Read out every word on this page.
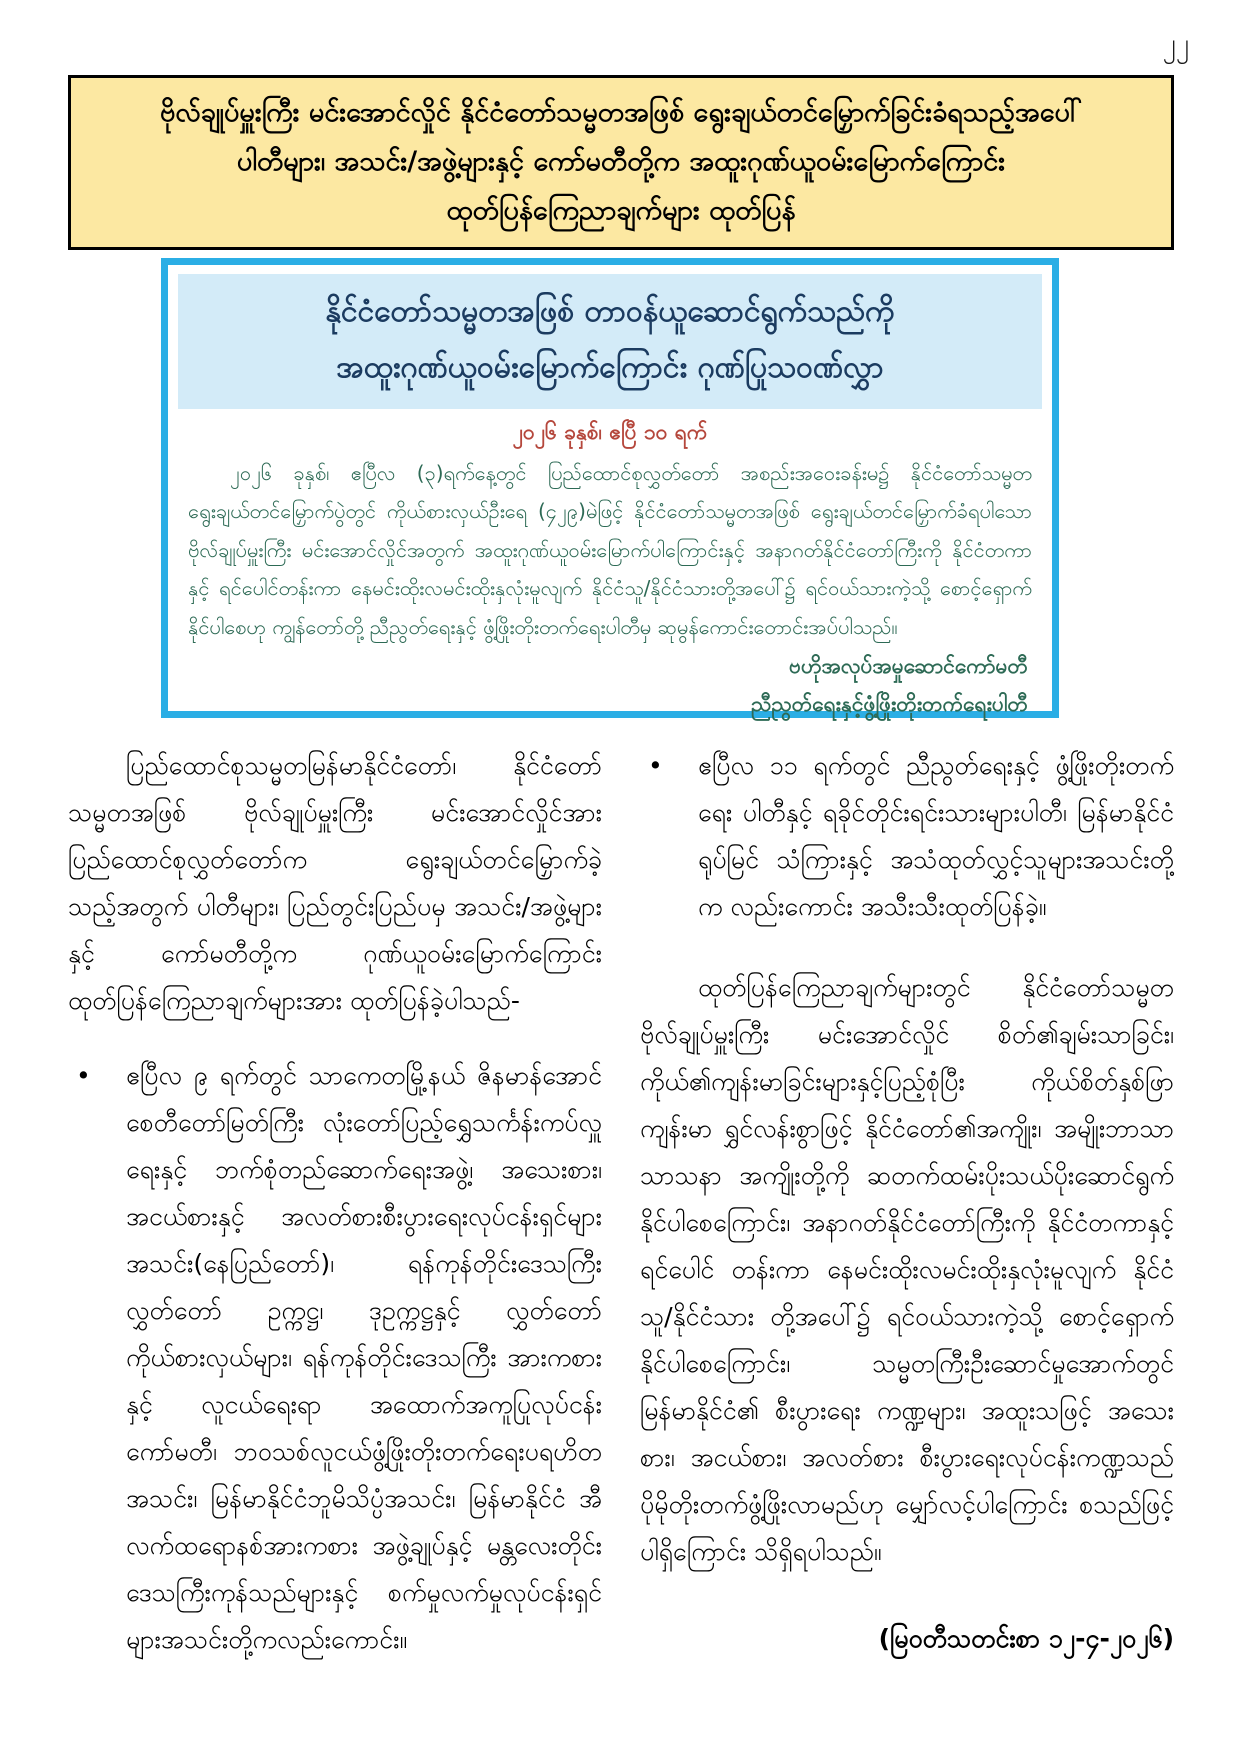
၂၂
ဗိုလ်ချုပ်မှူးကြီး မင်းအောင်လှိုင် နိုင်ငံတော်သမ္မတအဖြစ် ရွေးချယ်တင်မြှောက်ခြင်းခံရသည့်အပေါ်
ပါတီများ၊ အသင်း/အဖွဲ့များနှင့် ကော်မတီတို့က အထူးဂုဏ်ယူဝမ်းမြောက်ကြောင်း
ထုတ်ပြန်ကြေညာချက်များ ထုတ်ပြန်
နိုင်ငံတော်သမ္မတအဖြစ် တာဝန်ယူဆောင်ရွက်သည်ကို
အထူးဂုဏ်ယူဝမ်းမြောက်ကြောင်း ဂုဏ်ပြုသဝဏ်လွှာ
၂၀၂၆ ခုနှစ်၊ ဧပြီ ၁၀ ရက်
၂၀၂၆ ခုနှစ်၊ ဧပြီလ (၃)ရက်နေ့တွင် ပြည်ထောင်စုလွှတ်တော် အစည်းအဝေးခန်းမ၌ နိုင်ငံတော်သမ္မတ ရွေးချယ်တင်မြှောက်ပွဲတွင် ကိုယ်စားလှယ်ဦးရေ (၄၂၉)မဲဖြင့် နိုင်ငံတော်သမ္မတအဖြစ် ရွေးချယ်တင်မြှောက်ခံရပါသော ဗိုလ်ချုပ်မှူးကြီး မင်းအောင်လှိုင်အတွက် အထူးဂုဏ်ယူဝမ်းမြောက်ပါကြောင်းနှင့် အနာဂတ်နိုင်ငံတော်ကြီးကို နိုင်ငံတကာနှင့် ရင်ပေါင်တန်းကာ နေမင်းထိုးလမင်းထိုးနှလုံးမူလျက် နိုင်ငံသူ/နိုင်ငံသားတို့အပေါ်၌ ရင်ဝယ်သားကဲ့သို့ စောင့်ရှောက်နိုင်ပါစေဟု ကျွန်တော်တို့ ညီညွတ်ရေးနှင့် ဖွံ့ဖြိုးတိုးတက်ရေးပါတီမှ ဆုမွန်ကောင်းတောင်းအပ်ပါသည်။
ဗဟိုအလုပ်အမှုဆောင်ကော်မတီ
ညီညွတ်ရေးနှင့်ဖွံ့ဖြိုးတိုးတက်ရေးပါတီ

ပြည်ထောင်စုသမ္မတမြန်မာနိုင်ငံတော်၊ နိုင်ငံတော်သမ္မတအဖြစ် ဗိုလ်ချုပ်မှူးကြီး မင်းအောင်လှိုင်အား ပြည်ထောင်စုလွှတ်တော်က ရွေးချယ်တင်မြှောက်ခဲ့သည့်အတွက် ပါတီများ၊ ပြည်တွင်းပြည်ပမှ အသင်း/အဖွဲ့များနှင့် ကော်မတီတို့က ဂုဏ်ယူဝမ်းမြောက်ကြောင်း ထုတ်ပြန်ကြေညာချက်များအား ထုတ်ပြန်ခဲ့ပါသည်-

•	ဧပြီလ ၉ ရက်တွင် သာကေတမြို့နယ် ဇိနမာန်အောင် စေတီတော်မြတ်ကြီး လုံးတော်ပြည့်ရွှေသင်္ကန်းကပ်လှူရေးနှင့် ဘက်စုံတည်ဆောက်ရေးအဖွဲ့၊ အသေးစား၊ အငယ်စားနှင့် အလတ်စားစီးပွားရေးလုပ်ငန်းရှင်များ အသင်း(နေပြည်တော်)၊ ရန်ကုန်တိုင်းဒေသကြီးလွှတ်တော် ဥက္ကဋ္ဌ၊ ဒုဥက္ကဋ္ဌနှင့် လွှတ်တော်ကိုယ်စားလှယ်များ၊ ရန်ကုန်တိုင်းဒေသကြီး အားကစားနှင့် လူငယ်ရေးရာ အထောက်အကူပြုလုပ်ငန်းကော်မတီ၊ ဘဝသစ်လူငယ်ဖွံ့ဖြိုးတိုးတက်ရေးပရဟိတအသင်း၊ မြန်မာနိုင်ငံဘူမိသိပ္ပံအသင်း၊ မြန်မာနိုင်ငံ အီလက်ထရောနစ်အားကစား အဖွဲ့ချုပ်နှင့် မန္တလေးတိုင်းဒေသကြီးကုန်သည်များနှင့် စက်မှုလက်မှုလုပ်ငန်းရှင်များအသင်းတို့ကလည်းကောင်း။
•	ဧပြီလ ၁၁ ရက်တွင် ညီညွတ်ရေးနှင့် ဖွံ့ဖြိုးတိုးတက်ရေး ပါတီနှင့် ရခိုင်တိုင်းရင်းသားများပါတီ၊ မြန်မာနိုင်ငံရုပ်မြင် သံကြားနှင့် အသံထုတ်လွှင့်သူများအသင်းတို့က လည်းကောင်း အသီးသီးထုတ်ပြန်ခဲ့။

ထုတ်ပြန်ကြေညာချက်များတွင် နိုင်ငံတော်သမ္မတ ဗိုလ်ချုပ်မှူးကြီး မင်းအောင်လှိုင် စိတ်၏ချမ်းသာခြင်း၊ ကိုယ်၏ကျန်းမာခြင်းများနှင့်ပြည့်စုံပြီး ကိုယ်စိတ်နှစ်ဖြာကျန်းမာ ရွှင်လန်းစွာဖြင့် နိုင်ငံတော်၏အကျိုး၊ အမျိုးဘာသာသာသနာ အကျိုးတို့ကို ဆတက်ထမ်းပိုးသယ်ပိုးဆောင်ရွက်နိုင်ပါစေကြောင်း၊ အနာဂတ်နိုင်ငံတော်ကြီးကို နိုင်ငံတကာနှင့်ရင်ပေါင် တန်းကာ နေမင်းထိုးလမင်းထိုးနှလုံးမူလျက် နိုင်ငံသူ/နိုင်ငံသား တို့အပေါ်၌ ရင်ဝယ်သားကဲ့သို့ စောင့်ရှောက်နိုင်ပါစေကြောင်း၊ သမ္မတကြီးဦးဆောင်မှုအောက်တွင် မြန်မာနိုင်ငံ၏ စီးပွားရေး ကဏ္ဍများ၊ အထူးသဖြင့် အသေးစား၊ အငယ်စား၊ အလတ်စား စီးပွားရေးလုပ်ငန်းကဏ္ဍသည် ပိုမိုတိုးတက်ဖွံ့ဖြိုးလာမည်ဟု မျှော်လင့်ပါကြောင်း စသည်ဖြင့် ပါရှိကြောင်း သိရှိရပါသည်။

(မြဝတီသတင်းစာ ၁၂-၄-၂၀၂၆)
